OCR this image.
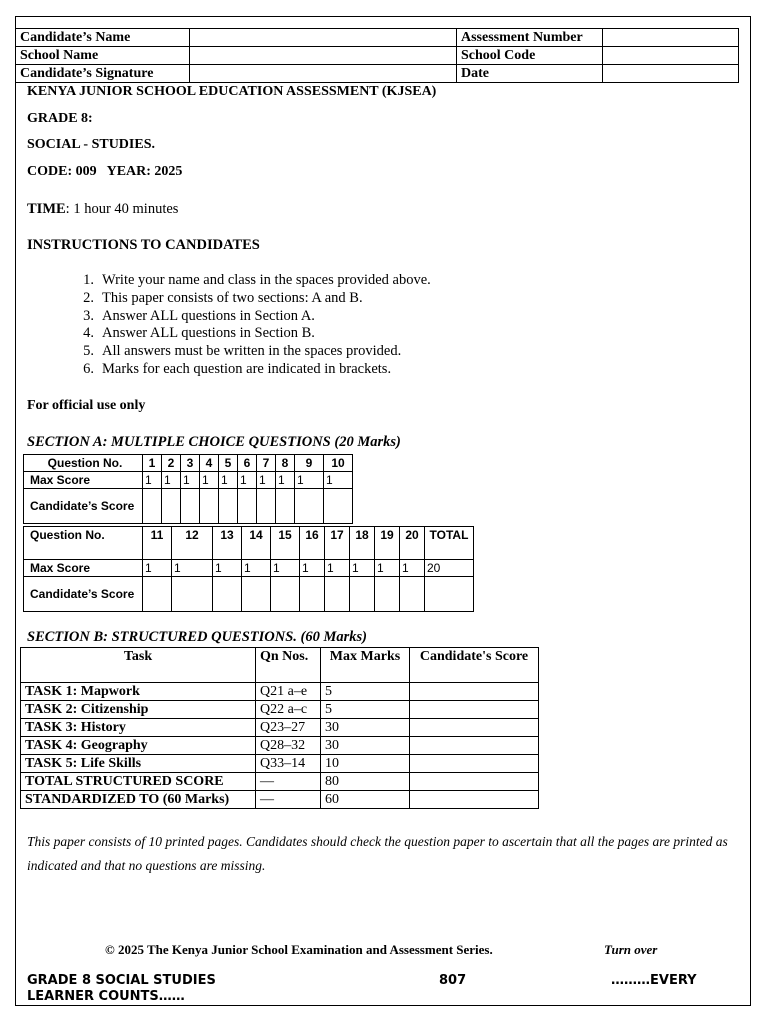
Candidate’s Name		Assessment Number	
School Name		School Code	
Candidate’s Signature		Date	
KENYA JUNIOR SCHOOL EDUCATION ASSESSMENT (KJSEA)
GRADE 8:
SOCIAL - STUDIES.
CODE: 009   YEAR: 2025
TIME: 1 hour 40 minutes
INSTRUCTIONS TO CANDIDATES
1. Write your name and class in the spaces provided above.
2. This paper consists of two sections: A and B.
3. Answer ALL questions in Section A.
4. Answer ALL questions in Section B.
5. All answers must be written in the spaces provided.
6. Marks for each question are indicated in brackets.
For official use only
SECTION A: MULTIPLE CHOICE QUESTIONS (20 Marks)
Question No.	1	2	3	4	5	6	7	8	9	10
Max Score	1	1	1	1	1	1	1	1	1	1
Candidate’s Score										
Question No.	11	12	13	14	15	16	17	18	19	20	TOTAL
Max Score	1	1	1	1	1	1	1	1	1	1	20
Candidate’s Score											
SECTION B: STRUCTURED QUESTIONS. (60 Marks)
Task	Qn Nos.	Max Marks	Candidate's Score
TASK 1: Mapwork	Q21 a–e	5	
TASK 2: Citizenship	Q22 a–c	5	
TASK 3: History	Q23–27	30	
TASK 4: Geography	Q28–32	30	
TASK 5: Life Skills	Q33–14	10	
TOTAL STRUCTURED SCORE	—	80	
STANDARDIZED TO (60 Marks)	—	60	
This paper consists of 10 printed pages. Candidates should check the question paper to ascertain that all the pages are printed as indicated and that no questions are missing.
© 2025 The Kenya Junior School Examination and Assessment Series.	Turn over
GRADE 8 SOCIAL STUDIES
LEARNER COUNTS……
807	………EVERY
